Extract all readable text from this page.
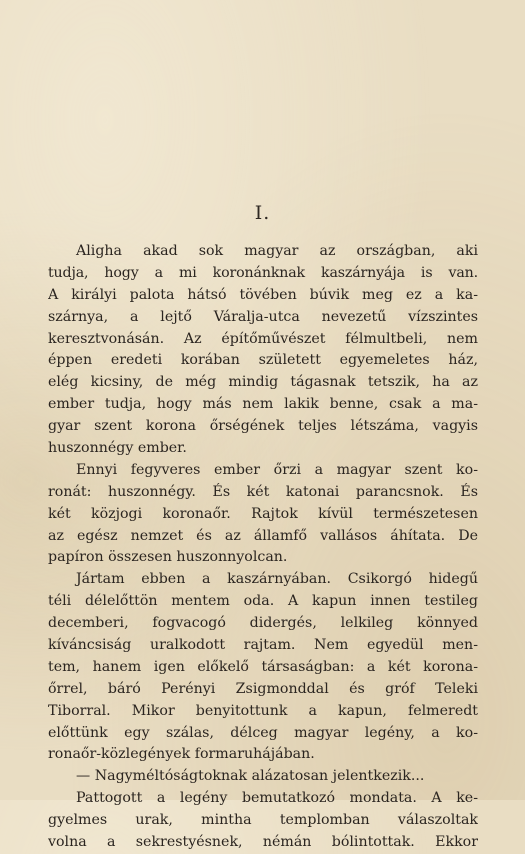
I.
Aligha akad sok magyar az országban, aki
tudja, hogy a mi koronánknak kaszárnyája is van.
A királyi palota hátsó tövében búvik meg ez a ka-
szárnya, a lejtő Váralja-utca nevezetű vízszintes
keresztvonásán. Az építőművészet félmultbeli, nem
éppen eredeti korában született egyemeletes ház,
elég kicsiny, de még mindig tágasnak tetszik, ha az
ember tudja, hogy más nem lakik benne, csak a ma-
gyar szent korona őrségének teljes létszáma, vagyis
huszonnégy ember.
Ennyi fegyveres ember őrzi a magyar szent ko-
ronát: huszonnégy. És két katonai parancsnok. És
két közjogi koronaőr. Rajtok kívül természetesen
az egész nemzet és az államfő vallásos áhítata. De
papíron összesen huszonnyolcan.
Jártam ebben a kaszárnyában. Csikorgó hidegű
téli délelőttön mentem oda. A kapun innen testileg
decemberi, fogvacogó didergés, lelkileg könnyed
kíváncsiság uralkodott rajtam. Nem egyedül men-
tem, hanem igen előkelő társaságban: a két korona-
őrrel, báró Perényi Zsigmonddal és gróf Teleki
Tiborral. Mikor benyitottunk a kapun, felmeredt
előttünk egy szálas, délceg magyar legény, a ko-
ronaőr-közlegények formaruhájában.
— Nagyméltóságtoknak alázatosan jelentkezik...
Pattogott a legény bemutatkozó mondata. A ke-
gyelmes urak, mintha templomban válaszoltak
volna a sekrestyésnek, némán bólintottak. Ekkor
